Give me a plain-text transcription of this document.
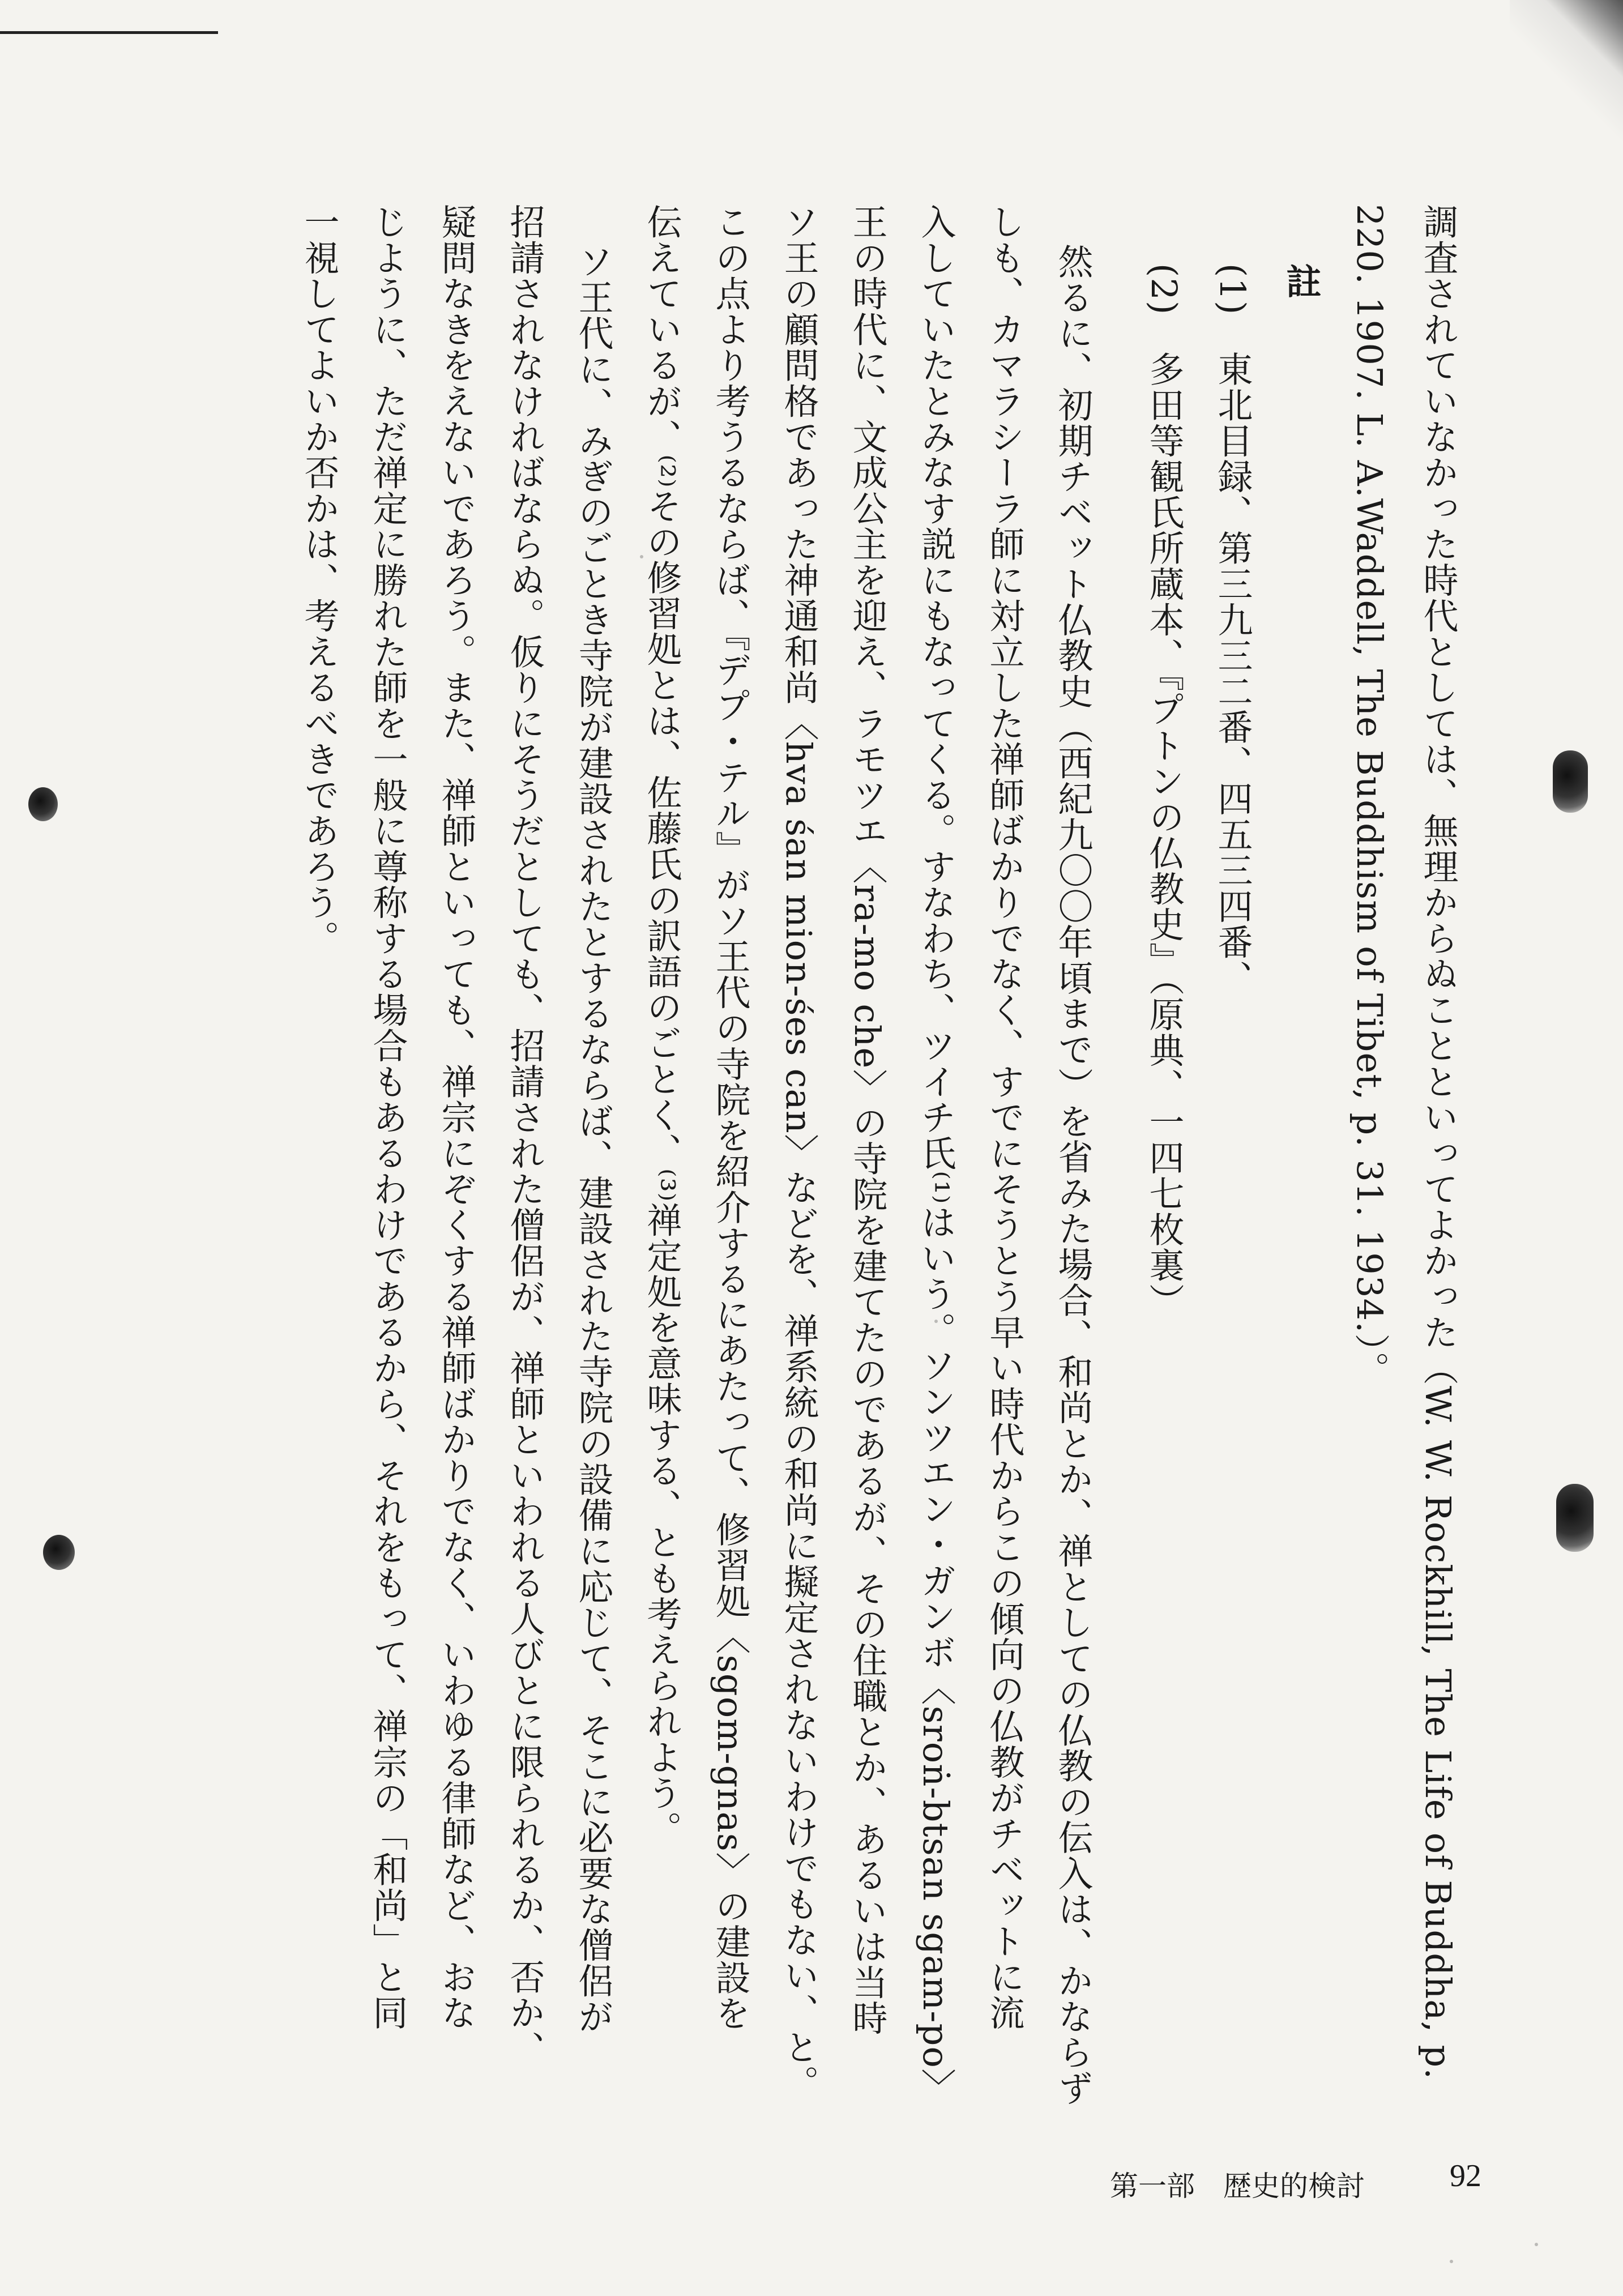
調査されていなかった時代としては、無理からぬことといってよかった（W. W. Rockhill, The Life of Buddha, p.

220. 1907. L. A.Waddell, The Buddhism of Tibet, p. 31. 1934.）。

註

(1)　東北目録、第三九三二番、四五三四番、

(2)　多田等観氏所蔵本、『プトンの仏教史』（原典、一四七枚裏）

然るに、初期チベット仏教史（西紀九〇〇年頃まで）を省みた場合、和尚とか、禅としての仏教の伝入は、かならず

しも、カマラシーラ師に対立した禅師ばかりでなく、すでにそうとう早い時代からこの傾向の仏教がチベットに流

入していたとみなす説にもなってくる。すなわち、ツイチ氏⁽¹⁾はいう。ソンツエン・ガンボ〈sroṅ-btsan sgam-po〉

王の時代に、文成公主を迎え、ラモツエ〈ra-mo che〉の寺院を建てたのであるが、その住職とか、あるいは当時

ソ王の顧問格であった神通和尚〈hva śan mion-śes can〉などを、禅系統の和尚に擬定されないわけでもない、と。

この点より考うるならば、『デプ・テル』がソ王代の寺院を紹介するにあたって、修習処〈sgom-gnas〉の建設を

伝えているが、⁽²⁾その修習処とは、佐藤氏の訳語のごとく、⁽³⁾禅定処を意味する、とも考えられよう。

ソ王代に、みぎのごとき寺院が建設されたとするならば、建設された寺院の設備に応じて、そこに必要な僧侶が

招請されなければならぬ。仮りにそうだとしても、招請された僧侶が、禅師といわれる人びとに限られるか、否か、

疑問なきをえないであろう。また、禅師といっても、禅宗にぞくする禅師ばかりでなく、いわゆる律師など、おな

じように、ただ禅定に勝れた師を一般に尊称する場合もあるわけであるから、それをもって、禅宗の「和尚」と同

一視してよいか否かは、考えるべきであろう。

第一部　歴史的検討	92
